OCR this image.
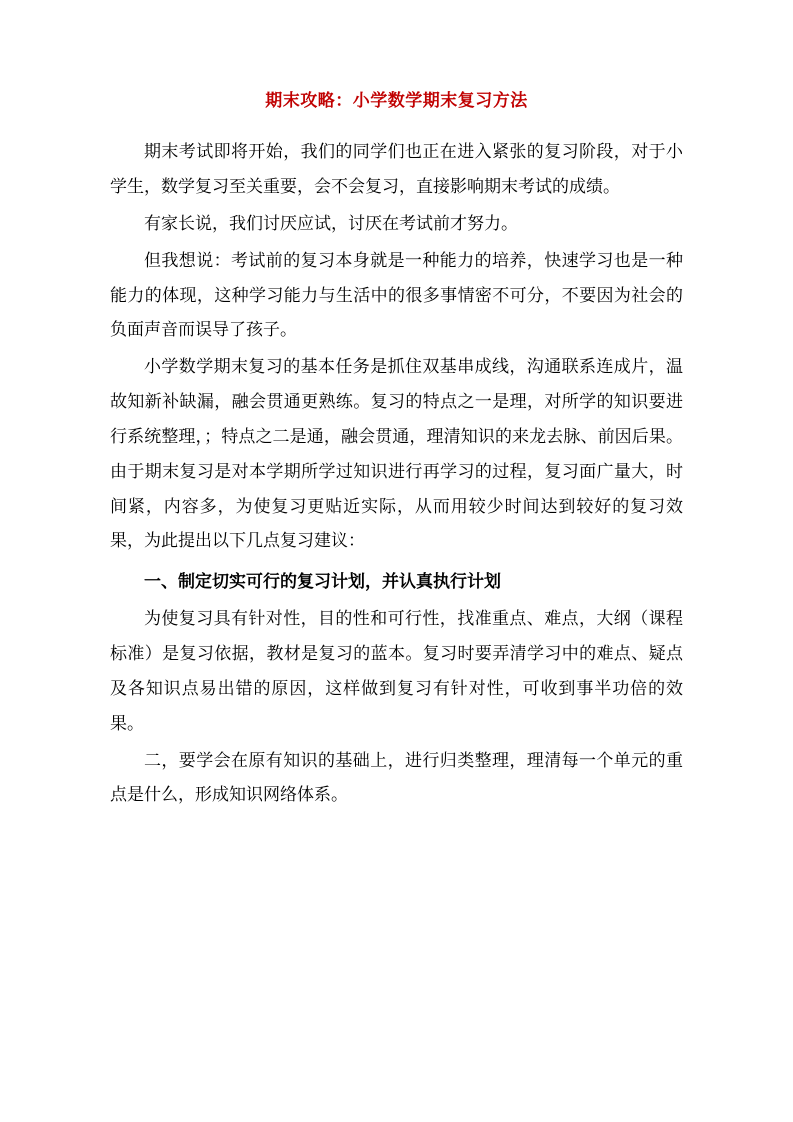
期末攻略：小学数学期末复习方法

期末考试即将开始，我们的同学们也正在进入紧张的复习阶段，对于小学生，数学复习至关重要，会不会复习，直接影响期末考试的成绩。

有家长说，我们讨厌应试，讨厌在考试前才努力。

但我想说：考试前的复习本身就是一种能力的培养，快速学习也是一种能力的体现，这种学习能力与生活中的很多事情密不可分，不要因为社会的负面声音而误导了孩子。

小学数学期末复习的基本任务是抓住双基串成线，沟通联系连成片，温故知新补缺漏，融会贯通更熟练。复习的特点之一是理，对所学的知识要进行系统整理，；特点之二是通，融会贯通，理清知识的来龙去脉、前因后果。由于期末复习是对本学期所学过知识进行再学习的过程，复习面广量大，时间紧，内容多，为使复习更贴近实际，从而用较少时间达到较好的复习效果，为此提出以下几点复习建议：

一、制定切实可行的复习计划，并认真执行计划

为使复习具有针对性，目的性和可行性，找准重点、难点，大纲（课程标准）是复习依据，教材是复习的蓝本。复习时要弄清学习中的难点、疑点及各知识点易出错的原因，这样做到复习有针对性，可收到事半功倍的效果。

二，要学会在原有知识的基础上，进行归类整理，理清每一个单元的重点是什么，形成知识网络体系。
